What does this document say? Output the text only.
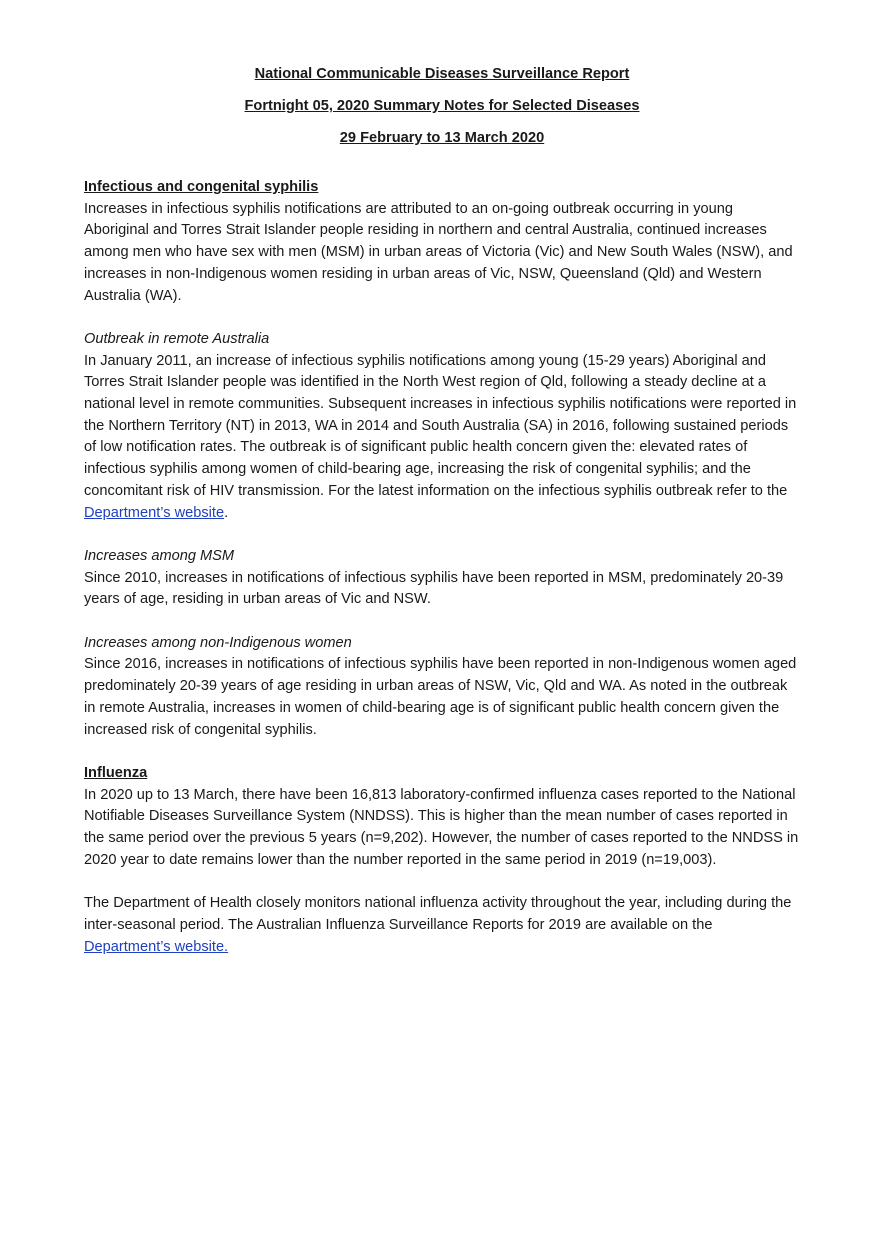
National Communicable Diseases Surveillance Report
Fortnight 05, 2020 Summary Notes for Selected Diseases
29 February to 13 March 2020
Infectious and congenital syphilis

Increases in infectious syphilis notifications are attributed to an on-going outbreak occurring in young Aboriginal and Torres Strait Islander people residing in northern and central Australia, continued increases among men who have sex with men (MSM) in urban areas of Victoria (Vic) and New South Wales (NSW), and increases in non-Indigenous women residing in urban areas of Vic, NSW, Queensland (Qld) and Western Australia (WA).

Outbreak in remote Australia

In January 2011, an increase of infectious syphilis notifications among young (15-29 years) Aboriginal and Torres Strait Islander people was identified in the North West region of Qld, following a steady decline at a national level in remote communities. Subsequent increases in infectious syphilis notifications were reported in the Northern Territory (NT) in 2013, WA in 2014 and South Australia (SA) in 2016, following sustained periods of low notification rates. The outbreak is of significant public health concern given the: elevated rates of infectious syphilis among women of child-bearing age, increasing the risk of congenital syphilis; and the concomitant risk of HIV transmission. For the latest information on the infectious syphilis outbreak refer to the Department’s website.

Increases among MSM

Since 2010, increases in notifications of infectious syphilis have been reported in MSM, predominately 20-39 years of age, residing in urban areas of Vic and NSW.

Increases among non-Indigenous women

Since 2016, increases in notifications of infectious syphilis have been reported in non-Indigenous women aged predominately 20-39 years of age residing in urban areas of NSW, Vic, Qld and WA. As noted in the outbreak in remote Australia, increases in women of child-bearing age is of significant public health concern given the increased risk of congenital syphilis.

Influenza

In 2020 up to 13 March, there have been 16,813 laboratory-confirmed influenza cases reported to the National Notifiable Diseases Surveillance System (NNDSS). This is higher than the mean number of cases reported in the same period over the previous 5 years (n=9,202). However, the number of cases reported to the NNDSS in 2020 year to date remains lower than the number reported in the same period in 2019 (n=19,003).

The Department of Health closely monitors national influenza activity throughout the year, including during the inter-seasonal period. The Australian Influenza Surveillance Reports for 2019 are available on the Department’s website.
